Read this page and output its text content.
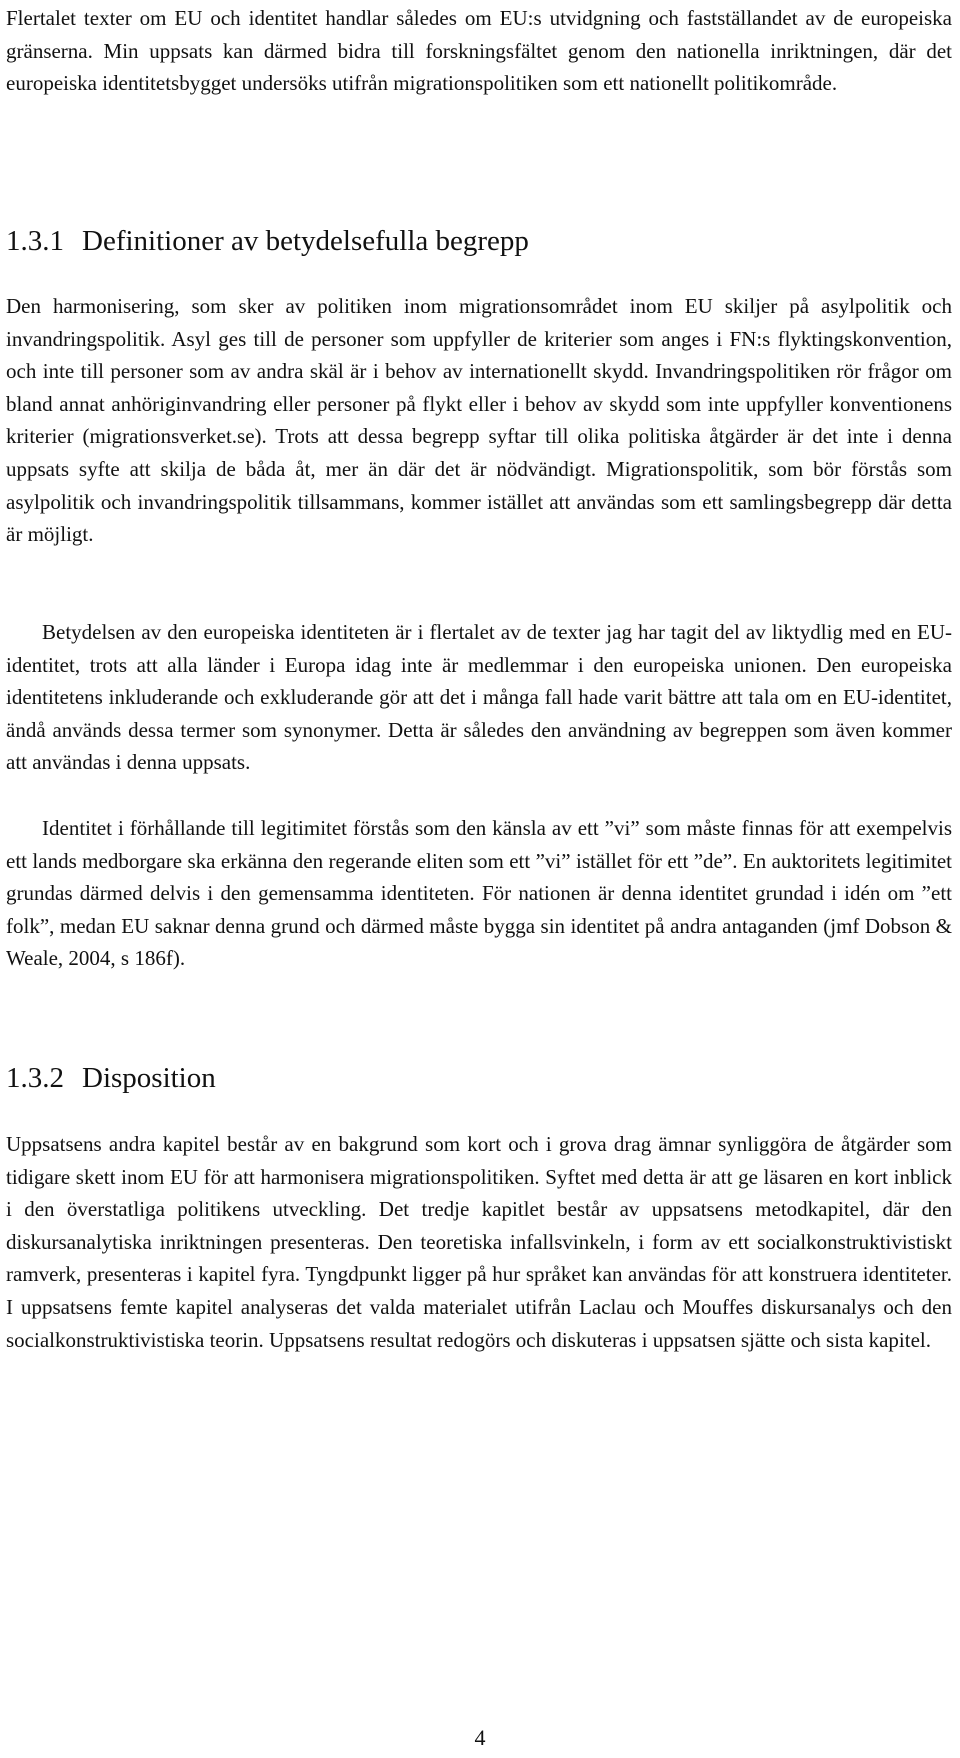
Flertalet texter om EU och identitet handlar således om EU:s utvidgning och fastställandet av de europeiska gränserna. Min uppsats kan därmed bidra till forskningsfältet genom den nationella inriktningen, där det europeiska identitetsbygget undersöks utifrån migrationspolitiken som ett nationellt politikområde.

1.3.1 Definitioner av betydelsefulla begrepp

Den harmonisering, som sker av politiken inom migrationsområdet inom EU skiljer på asylpolitik och invandringspolitik. Asyl ges till de personer som uppfyller de kriterier som anges i FN:s flyktingskonvention, och inte till personer som av andra skäl är i behov av internationellt skydd. Invandringspolitiken rör frågor om bland annat anhöriginvandring eller personer på flykt eller i behov av skydd som inte uppfyller konventionens kriterier (migrationsverket.se). Trots att dessa begrepp syftar till olika politiska åtgärder är det inte i denna uppsats syfte att skilja de båda åt, mer än där det är nödvändigt. Migrationspolitik, som bör förstås som asylpolitik och invandringspolitik tillsammans, kommer istället att användas som ett samlingsbegrepp där detta är möjligt.

Betydelsen av den europeiska identiteten är i flertalet av de texter jag har tagit del av liktydlig med en EU-identitet, trots att alla länder i Europa idag inte är medlemmar i den europeiska unionen. Den europeiska identitetens inkluderande och exkluderande gör att det i många fall hade varit bättre att tala om en EU-identitet, ändå används dessa termer som synonymer. Detta är således den användning av begreppen som även kommer att användas i denna uppsats.

Identitet i förhållande till legitimitet förstås som den känsla av ett ”vi” som måste finnas för att exempelvis ett lands medborgare ska erkänna den regerande eliten som ett ”vi” istället för ett ”de”. En auktoritets legitimitet grundas därmed delvis i den gemensamma identiteten. För nationen är denna identitet grundad i idén om ”ett folk”, medan EU saknar denna grund och därmed måste bygga sin identitet på andra antaganden (jmf Dobson & Weale, 2004, s 186f).

1.3.2 Disposition

Uppsatsens andra kapitel består av en bakgrund som kort och i grova drag ämnar synliggöra de åtgärder som tidigare skett inom EU för att harmonisera migrationspolitiken. Syftet med detta är att ge läsaren en kort inblick i den överstatliga politikens utveckling. Det tredje kapitlet består av uppsatsens metodkapitel, där den diskursanalytiska inriktningen presenteras. Den teoretiska infallsvinkeln, i form av ett socialkonstruktivistiskt ramverk, presenteras i kapitel fyra. Tyngdpunkt ligger på hur språket kan användas för att konstruera identiteter. I uppsatsens femte kapitel analyseras det valda materialet utifrån Laclau och Mouffes diskursanalys och den socialkonstruktivistiska teorin. Uppsatsens resultat redogörs och diskuteras i uppsatsen sjätte och sista kapitel.

4
